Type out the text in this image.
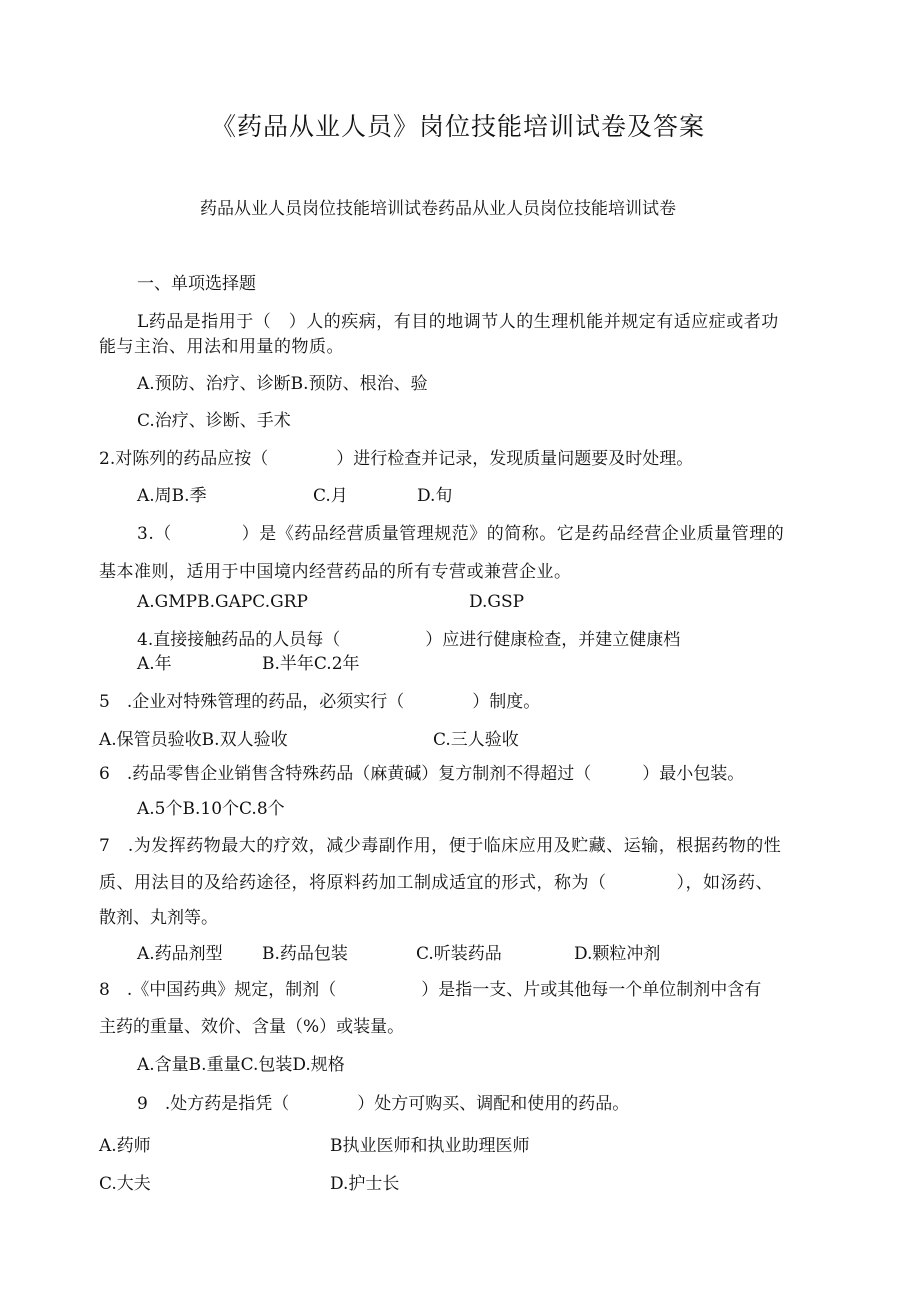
《药品从业人员》岗位技能培训试卷及答案
药品从业人员岗位技能培训试卷药品从业人员岗位技能培训试卷
一、单项选择题
L药品是指用于（　）人的疾病，有目的地调节人的生理机能并规定有适应症或者功
能与主治、用法和用量的物质。
A.预防、治疗、诊断B.预防、根治、验
C.治疗、诊断、手术
2.对陈列的药品应按（　　　　）进行检查并记录，发现质量问题要及时处理。
A.周B.季	C.月	D.旬
3.（　　　　）是《药品经营质量管理规范》的简称。它是药品经营企业质量管理的
基本准则，适用于中国境内经营药品的所有专营或兼营企业。
A.GMPB.GAPC.GRP	D.GSP
4.直接接触药品的人员每（　　　　　）应进行健康检查，并建立健康档
A.年	B.半年C.2年
5　.企业对特殊管理的药品，必须实行（　　　　）制度。
A.保管员验收B.双人验收	C.三人验收
6　.药品零售企业销售含特殊药品（麻黄碱）复方制剂不得超过（　　　）最小包装。
A.5个B.10个C.8个
7　.为发挥药物最大的疗效，减少毒副作用，便于临床应用及贮藏、运输，根据药物的性
质、用法目的及给药途径，将原料药加工制成适宜的形式，称为（　　　　），如汤药、
散剂、丸剂等。
A.药品剂型 B.药品包装	C.听装药品	D.颗粒冲剂
8　.《中国药典》规定，制剂（　　　　　）是指一支、片或其他每一个单位制剂中含有
主药的重量、效价、含量（%）或装量。
A.含量B.重量C.包装D.规格
9　.处方药是指凭（　　　　）处方可购买、调配和使用的药品。
A.药师	B执业医师和执业助理医师
C.大夫	D.护士长
